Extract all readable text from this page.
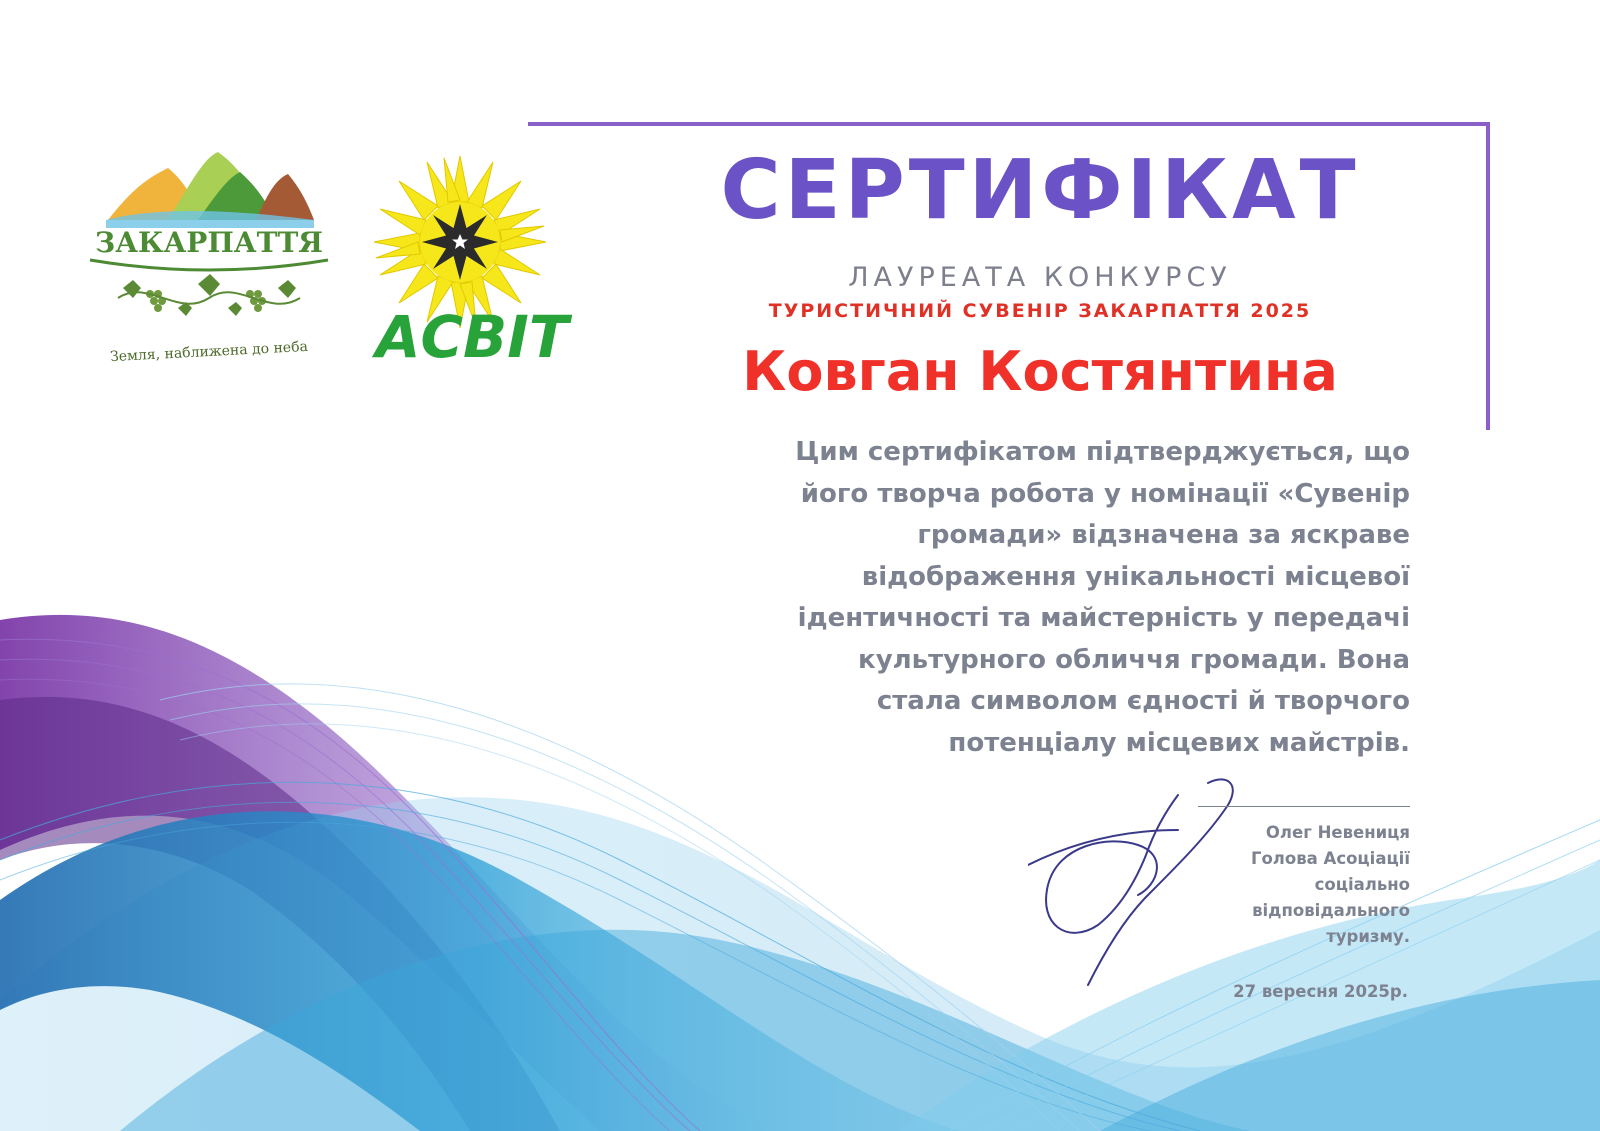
ЗАКАРПАТТЯ
Земля, наближена до неба	АСВІТ
СЕРТИФІКАТ
ЛАУРЕАТА КОНКУРСУ
ТУРИСТИЧНИЙ СУВЕНІР ЗАКАРПАТТЯ 2025
Ковган Костянтина
Цим сертифікатом підтверджується, що
його творча робота у номінації «Сувенір
громади» відзначена за яскраве
відображення унікальності місцевої
ідентичності та майстерність у передачі
культурного обличчя громади. Вона
стала символом єдності й творчого
потенціалу місцевих майстрів.
Олег Невениця
Голова Асоціації
соціально
відповідального
туризму.
27 вересня 2025р.
